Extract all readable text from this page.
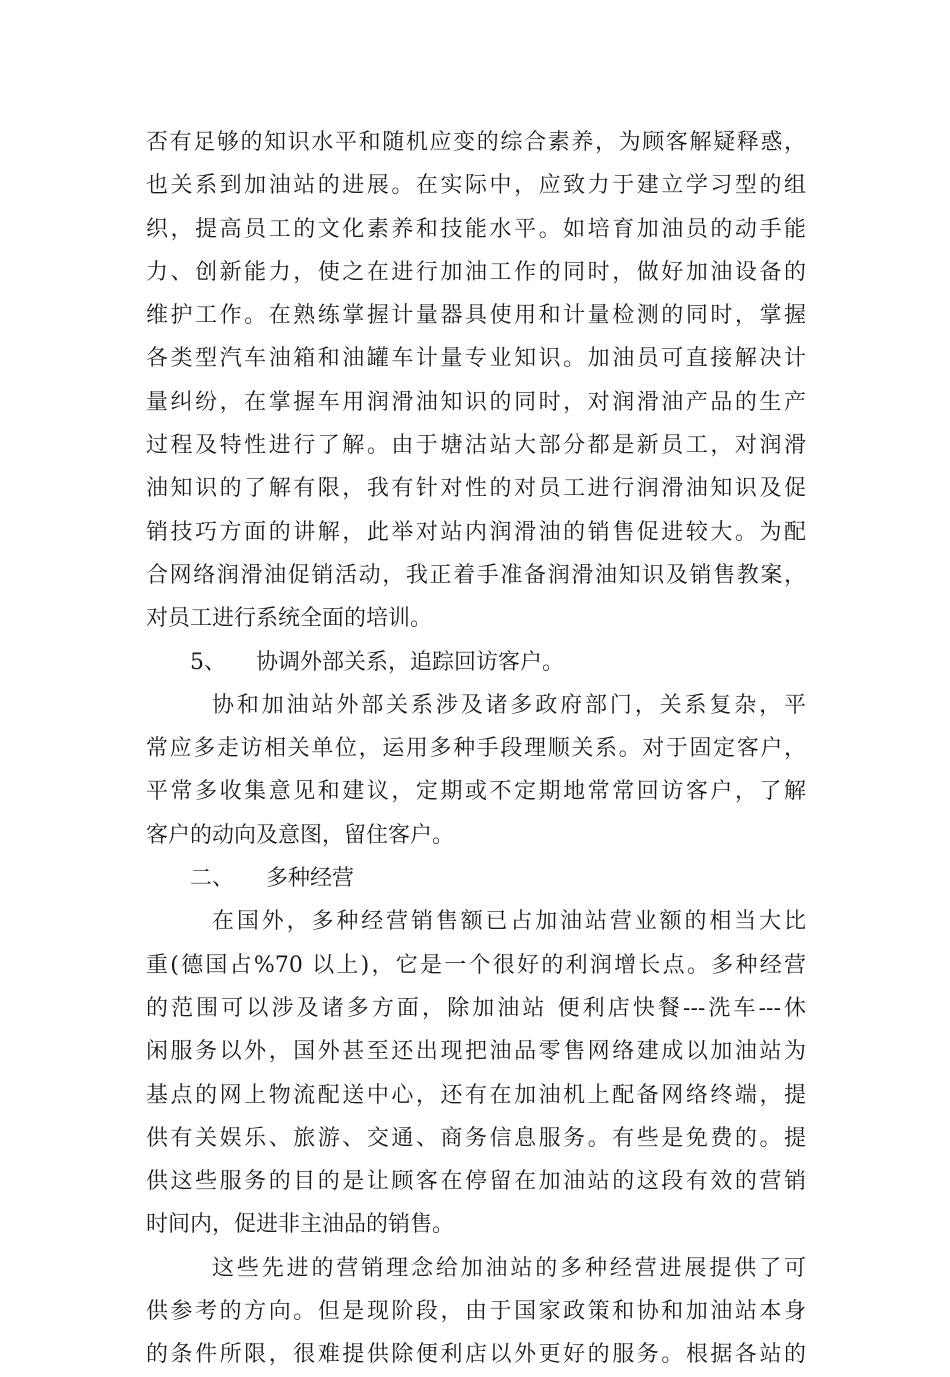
否有足够的知识水平和随机应变的综合素养，为顾客解疑释惑，
也关系到加油站的进展。在实际中，应致力于建立学习型的组
织，提高员工的文化素养和技能水平。如培育加油员的动手能
力、创新能力，使之在进行加油工作的同时，做好加油设备的
维护工作。在熟练掌握计量器具使用和计量检测的同时，掌握
各类型汽车油箱和油罐车计量专业知识。加油员可直接解决计
量纠纷，在掌握车用润滑油知识的同时，对润滑油产品的生产
过程及特性进行了解。由于塘沽站大部分都是新员工，对润滑
油知识的了解有限，我有针对性的对员工进行润滑油知识及促
销技巧方面的讲解，此举对站内润滑油的销售促进较大。为配
合网络润滑油促销活动，我正着手准备润滑油知识及销售教案，
对员工进行系统全面的培训。
5、 协调外部关系，追踪回访客户。
协和加油站外部关系涉及诸多政府部门，关系复杂，平
常应多走访相关单位，运用多种手段理顺关系。对于固定客户，
平常多收集意见和建议，定期或不定期地常常回访客户，了解
客户的动向及意图，留住客户。
二、 多种经营
在国外，多种经营销售额已占加油站营业额的相当大比
重(德国占%70 以上)，它是一个很好的利润增长点。多种经营
的范围可以涉及诸多方面，除加油站 便利店快餐---洗车---休
闲服务以外，国外甚至还出现把油品零售网络建成以加油站为
基点的网上物流配送中心，还有在加油机上配备网络终端，提
供有关娱乐、旅游、交通、商务信息服务。有些是免费的。提
供这些服务的目的是让顾客在停留在加油站的这段有效的营销
时间内，促进非主油品的销售。
这些先进的营销理念给加油站的多种经营进展提供了可
供参考的方向。但是现阶段，由于国家政策和协和加油站本身
的条件所限，很难提供除便利店以外更好的服务。根据各站的
